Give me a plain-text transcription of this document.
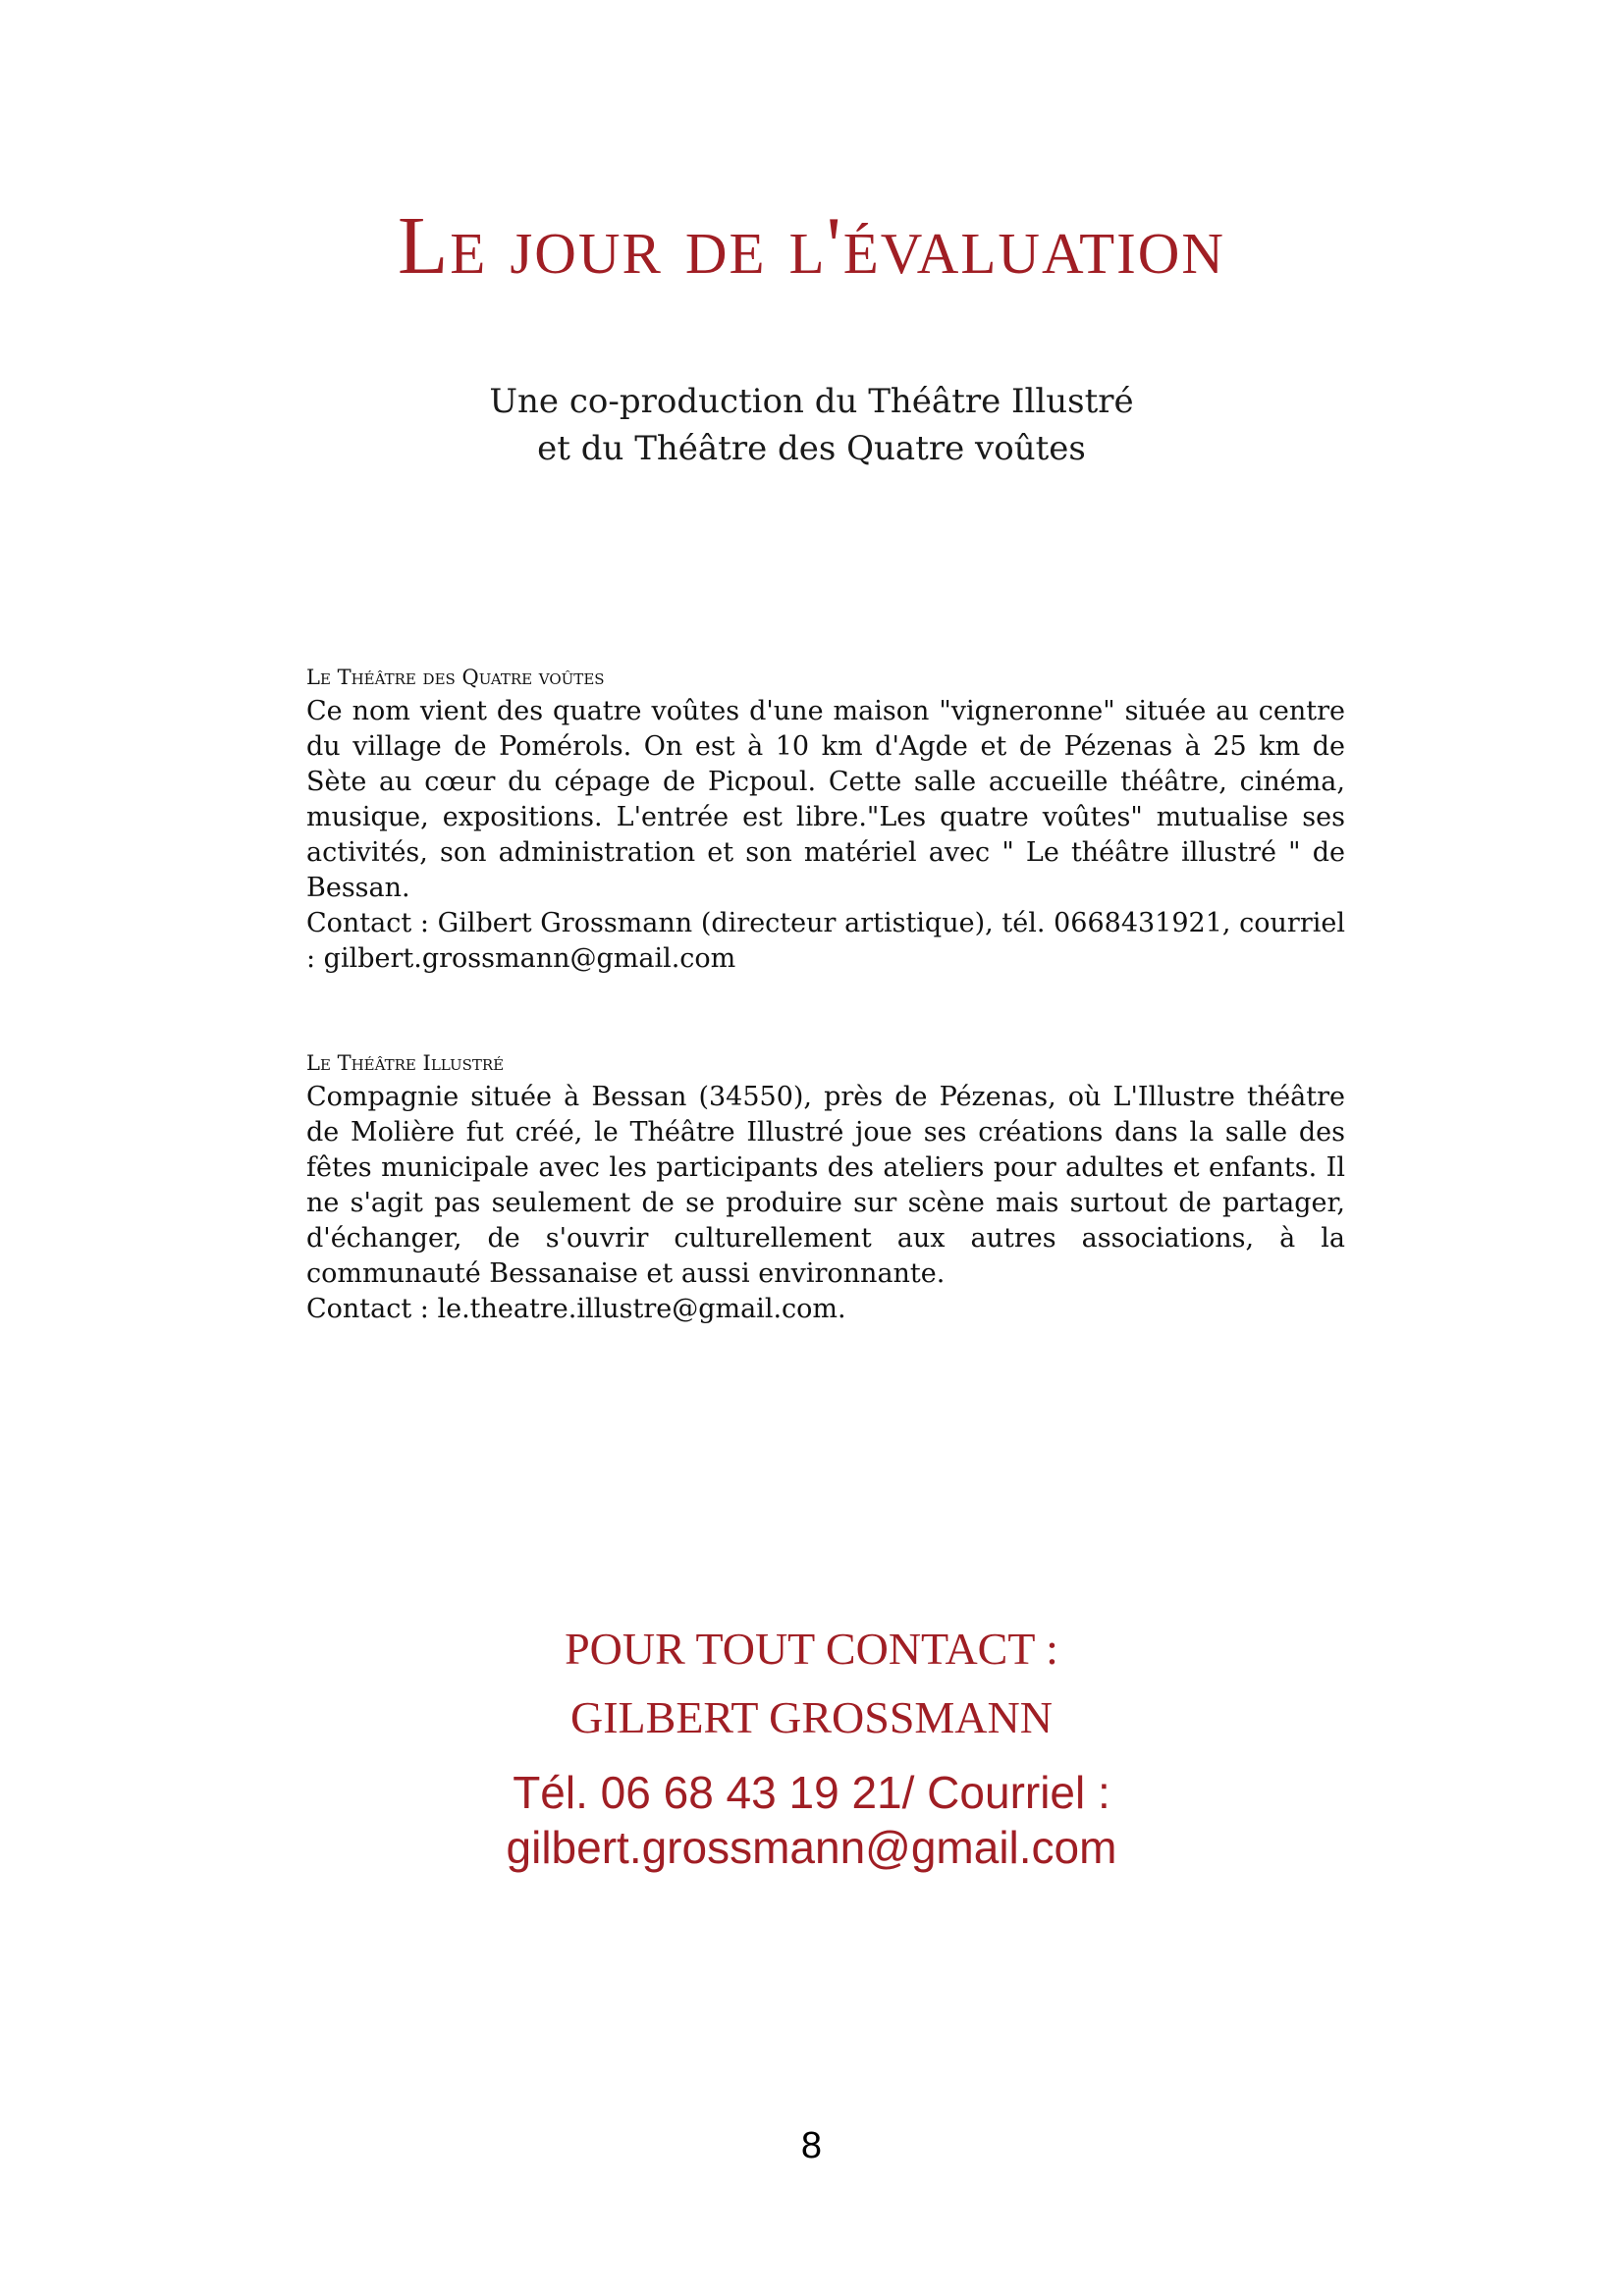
Le jour de l'évaluation
Une co-production du Théâtre Illustré
et du Théâtre des Quatre voûtes
Le Théâtre des Quatre voûtes
Ce nom vient des quatre voûtes d'une maison "vigneronne" située au centre du village de Pomérols. On est à 10 km d'Agde et de Pézenas à 25 km de Sète au cœur du cépage de Picpoul. Cette salle accueille théâtre, cinéma, musique, expositions. L'entrée est libre."Les quatre voûtes" mutualise ses activités, son administration et son matériel avec " Le théâtre illustré " de Bessan.
Contact : Gilbert Grossmann (directeur artistique), tél. 0668431921, courriel : gilbert.grossmann@gmail.com
Le Théâtre Illustré
Compagnie située à Bessan (34550), près de Pézenas, où L'Illustre théâtre de Molière fut créé, le Théâtre Illustré joue ses créations dans la salle des fêtes municipale avec les participants des ateliers pour adultes et enfants. Il ne s'agit pas seulement de se produire sur scène mais surtout de partager, d'échanger, de s'ouvrir culturellement aux autres associations, à la communauté Bessanaise et aussi environnante.
Contact : le.theatre.illustre@gmail.com.
POUR TOUT CONTACT :
GILBERT GROSSMANN
Tél. 06 68 43 19 21/ Courriel :
gilbert.grossmann@gmail.com
8
